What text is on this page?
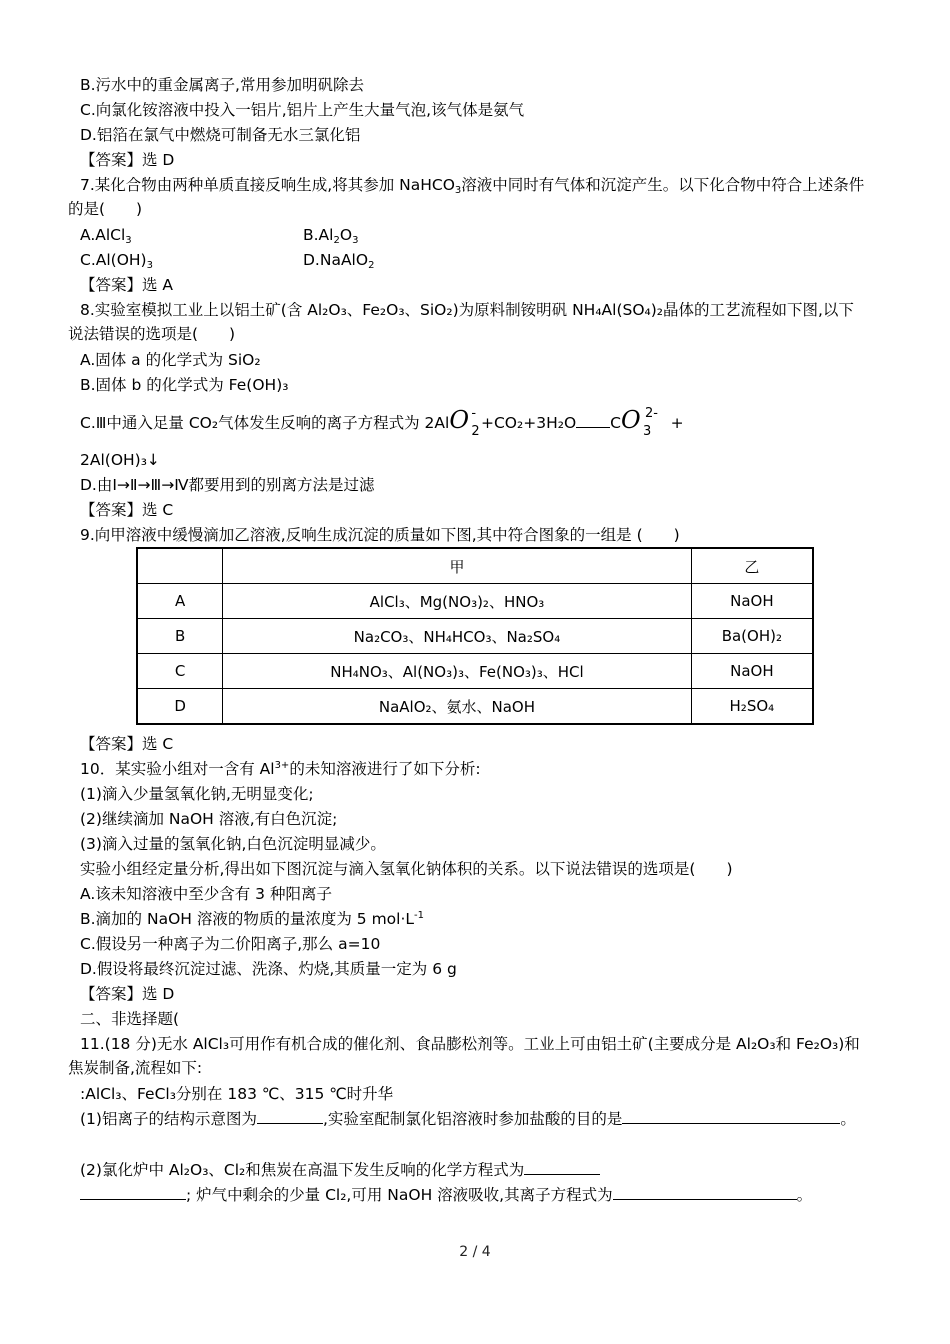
B.污水中的重金属离子,常用参加明矾除去
C.向氯化铵溶液中投入一铝片,铝片上产生大量气泡,该气体是氨气
D.铝箔在氯气中燃烧可制备无水三氯化铝
【答案】选 D
7.某化合物由两种单质直接反响生成,将其参加 NaHCO$_3$溶液中同时有气体和沉淀产生。以下化合物中符合上述条件的是(　　)
A.AlCl$_3$	$B.Al_2O_3$
$C.Al(OH)_3$	D.NaAlO$_2$
【答案】选 A
8.实验室模拟工业上以铝土矿(含 Al₂O₃、Fe₂O₃、SiO₂)为原料制铵明矾 NH₄Al(SO₄)₂晶体的工艺流程如下图,以下说法错误的选项是(　　)
A.固体 a 的化学式为 SiO₂
B.固体 b 的化学式为 Fe(OH)₃
C.Ⅲ中通入足量 CO₂气体发生反响的离子方程式为 2AlO -
2 +CO₂+3H₂O CO 2-
3 +
2Al(OH)₃↓
D.由Ⅰ→Ⅱ→Ⅲ→Ⅳ都要用到的别离方法是过滤
【答案】选 C
9.向甲溶液中缓慢滴加乙溶液,反响生成沉淀的质量如下图,其中符合图象的一组是 (　　)
	甲	乙
A	AlCl₃、Mg(NO₃)₂、HNO₃	NaOH
B	Na₂CO₃、NH₄HCO₃、Na₂SO₄	Ba(OH)₂
C	NH₄NO₃、Al(NO₃)₃、Fe(NO₃)₃、HCl	NaOH
D	NaAlO₂、氨水、NaOH	H₂SO₄
【答案】选 C
10．某实验小组对一含有 $Al^{3+}$的未知溶液进行了如下分析:
(1)滴入少量氢氧化钠,无明显变化;
(2)继续滴加 NaOH 溶液,有白色沉淀;
(3)滴入过量的氢氧化钠,白色沉淀明显减少。
实验小组经定量分析,得出如下图沉淀与滴入氢氧化钠体积的关系。以下说法错误的选项是(　　)
A.该未知溶液中至少含有 3 种阳离子
B.滴加的 NaOH 溶液的物质的量浓度为 5 $mol\cdot L^{-1}$
C.假设另一种离子为二价阳离子,那么 a=10
D.假设将最终沉淀过滤、洗涤、灼烧,其质量一定为 6 g
【答案】选 D
二、非选择题(
11.(18 分)无水 AlCl₃可用作有机合成的催化剂、食品膨松剂等。工业上可由铝土矿(主要成分是 Al₂O₃和 Fe₂O₃)和焦炭制备,流程如下:
:AlCl₃、FeCl₃分别在 183 ℃、315 ℃时升华
(1)铝离子的结构示意图为	,实验室配制氯化铝溶液时参加盐酸的目的是	。
(2)氯化炉中 Al₂O₃、Cl₂和焦炭在高温下发生反响的化学方程式为
; 炉气中剩余的少量 Cl₂,可用 NaOH 溶液吸收,其离子方程式为	。
2 / 4
